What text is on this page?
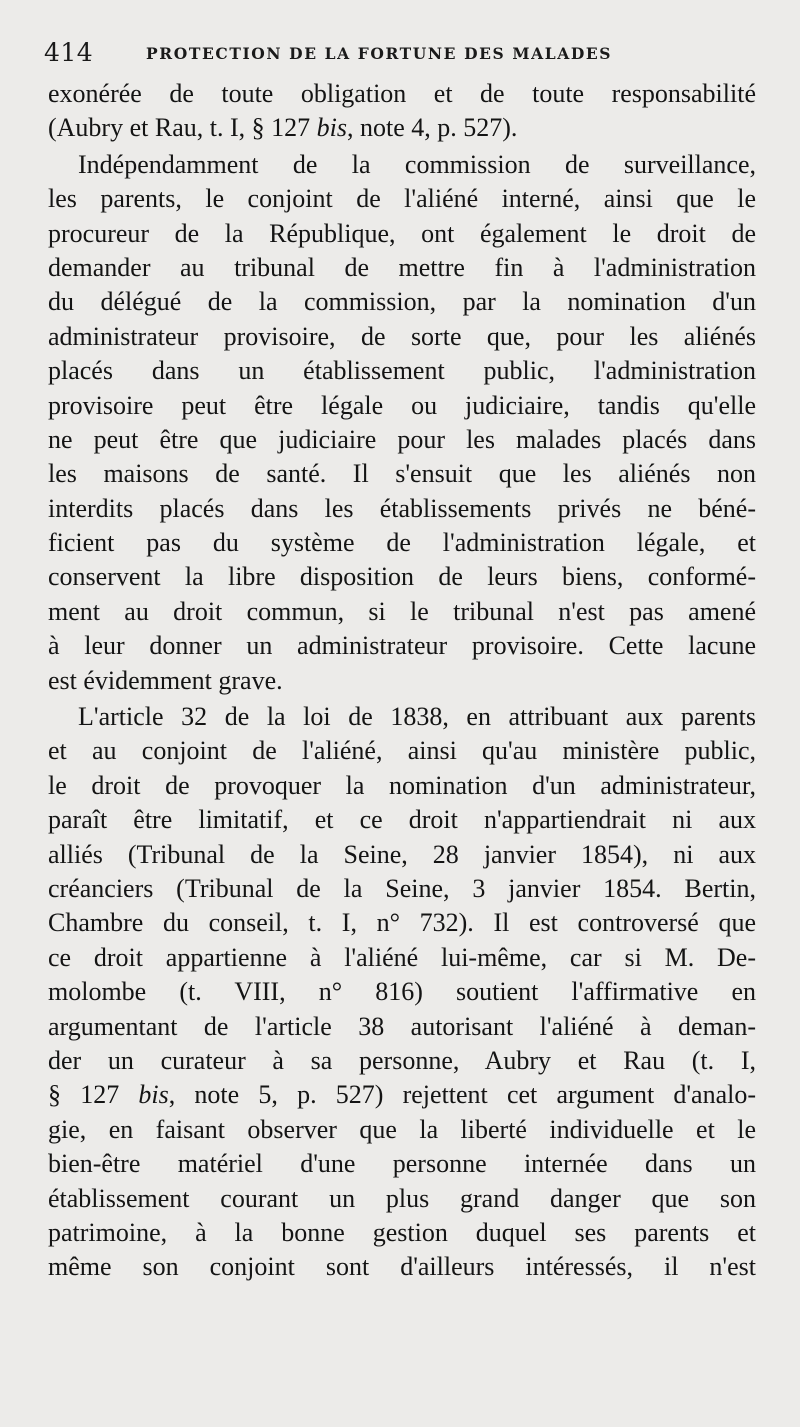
414	PROTECTION DE LA FORTUNE DES MALADES
exonérée de toute obligation et de toute responsabilité
(Aubry et Rau, t. I, § 127 bis, note 4, p. 527).
Indépendamment de la commission de surveillance,
les parents, le conjoint de l'aliéné interné, ainsi que le
procureur de la République, ont également le droit de
demander au tribunal de mettre fin à l'administration
du délégué de la commission, par la nomination d'un
administrateur provisoire, de sorte que, pour les aliénés
placés dans un établissement public, l'administration
provisoire peut être légale ou judiciaire, tandis qu'elle
ne peut être que judiciaire pour les malades placés dans
les maisons de santé. Il s'ensuit que les aliénés non
interdits placés dans les établissements privés ne béné-
ficient pas du système de l'administration légale, et
conservent la libre disposition de leurs biens, conformé-
ment au droit commun, si le tribunal n'est pas amené
à leur donner un administrateur provisoire. Cette lacune
est évidemment grave.
L'article 32 de la loi de 1838, en attribuant aux parents
et au conjoint de l'aliéné, ainsi qu'au ministère public,
le droit de provoquer la nomination d'un administrateur,
paraît être limitatif, et ce droit n'appartiendrait ni aux
alliés (Tribunal de la Seine, 28 janvier 1854), ni aux
créanciers (Tribunal de la Seine, 3 janvier 1854. Bertin,
Chambre du conseil, t. I, n° 732). Il est controversé que
ce droit appartienne à l'aliéné lui-même, car si M. De-
molombe (t. VIII, n° 816) soutient l'affirmative en
argumentant de l'article 38 autorisant l'aliéné à deman-
der un curateur à sa personne, Aubry et Rau (t. I,
§ 127 bis, note 5, p. 527) rejettent cet argument d'analo-
gie, en faisant observer que la liberté individuelle et le
bien-être matériel d'une personne internée dans un
établissement courant un plus grand danger que son
patrimoine, à la bonne gestion duquel ses parents et
même son conjoint sont d'ailleurs intéressés, il n'est
